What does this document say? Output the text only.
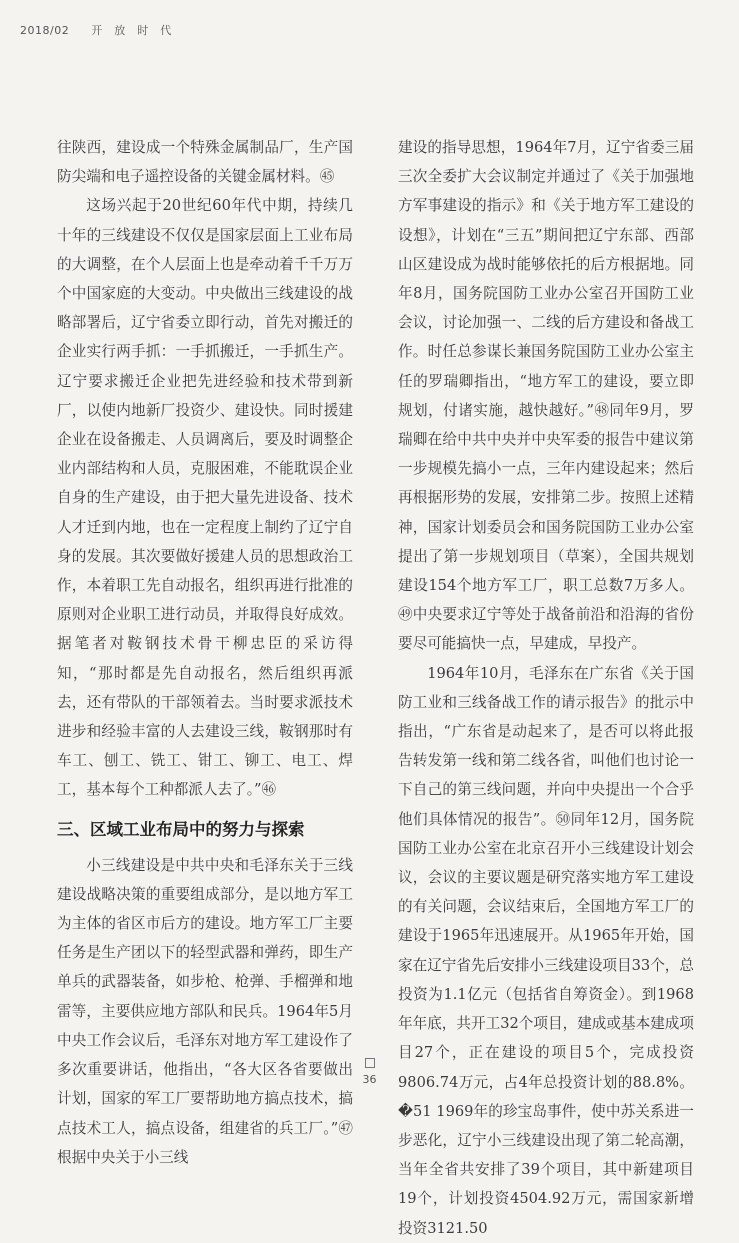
2018/02 开放时代

往陕西，建设成一个特殊金属制品厂，生产国防尖端和电子遥控设备的关键金属材料。㊺

这场兴起于20世纪60年代中期，持续几十年的三线建设不仅仅是国家层面上工业布局的大调整，在个人层面上也是牵动着千千万万个中国家庭的大变动。中央做出三线建设的战略部署后，辽宁省委立即行动，首先对搬迁的企业实行两手抓：一手抓搬迁，一手抓生产。辽宁要求搬迁企业把先进经验和技术带到新厂，以使内地新厂投资少、建设快。同时援建企业在设备搬走、人员调离后，要及时调整企业内部结构和人员，克服困难，不能耽误企业自身的生产建设，由于把大量先进设备、技术人才迁到内地，也在一定程度上制约了辽宁自身的发展。其次要做好援建人员的思想政治工作，本着职工先自动报名，组织再进行批准的原则对企业职工进行动员，并取得良好成效。据笔者对鞍钢技术骨干柳忠臣的采访得知，“那时都是先自动报名，然后组织再派去，还有带队的干部领着去。当时要求派技术进步和经验丰富的人去建设三线，鞍钢那时有车工、刨工、铣工、钳工、铆工、电工、焊工，基本每个工种都派人去了。”㊻

三、区域工业布局中的努力与探索

小三线建设是中共中央和毛泽东关于三线建设战略决策的重要组成部分，是以地方军工为主体的省区市后方的建设。地方军工厂主要任务是生产团以下的轻型武器和弹药，即生产单兵的武器装备，如步枪、枪弹、手榴弹和地雷等，主要供应地方部队和民兵。1964年5月中央工作会议后，毛泽东对地方军工建设作了多次重要讲话，他指出，“各大区各省要做出计划，国家的军工厂要帮助地方搞点技术，搞点技术工人，搞点设备，组建省的兵工厂。”㊼根据中央关于小三线

建设的指导思想，1964年7月，辽宁省委三届三次全委扩大会议制定并通过了《关于加强地方军事建设的指示》和《关于地方军工建设的设想》，计划在“三五”期间把辽宁东部、西部山区建设成为战时能够依托的后方根据地。同年8月，国务院国防工业办公室召开国防工业会议，讨论加强一、二线的后方建设和备战工作。时任总参谋长兼国务院国防工业办公室主任的罗瑞卿指出，“地方军工的建设，要立即规划，付诸实施，越快越好。”㊽同年9月，罗瑞卿在给中共中央并中央军委的报告中建议第一步规模先搞小一点，三年内建设起来；然后再根据形势的发展，安排第二步。按照上述精神，国家计划委员会和国务院国防工业办公室提出了第一步规划项目（草案），全国共规划建设154个地方军工厂，职工总数7万多人。㊾中央要求辽宁等处于战备前沿和沿海的省份要尽可能搞快一点，早建成，早投产。

1964年10月，毛泽东在广东省《关于国防工业和三线备战工作的请示报告》的批示中指出，“广东省是动起来了，是否可以将此报告转发第一线和第二线各省，叫他们也讨论一下自己的第三线问题，并向中央提出一个合乎他们具体情况的报告”。㊿同年12月，国务院国防工业办公室在北京召开小三线建设计划会议，会议的主要议题是研究落实地方军工建设的有关问题，会议结束后，全国地方军工厂的建设于1965年迅速展开。从1965年开始，国家在辽宁省先后安排小三线建设项目33个，总投资为1.1亿元（包括省自筹资金）。到1968年年底，共开工32个项目，建成或基本建成项目27个，正在建设的项目5个，完成投资9806.74万元，占4年总投资计划的88.8%。�51 1969年的珍宝岛事件，使中苏关系进一步恶化，辽宁小三线建设出现了第二轮高潮，当年全省共安排了39个项目，其中新建项目19个，计划投资4504.92万元，需国家新增投资3121.50

36
